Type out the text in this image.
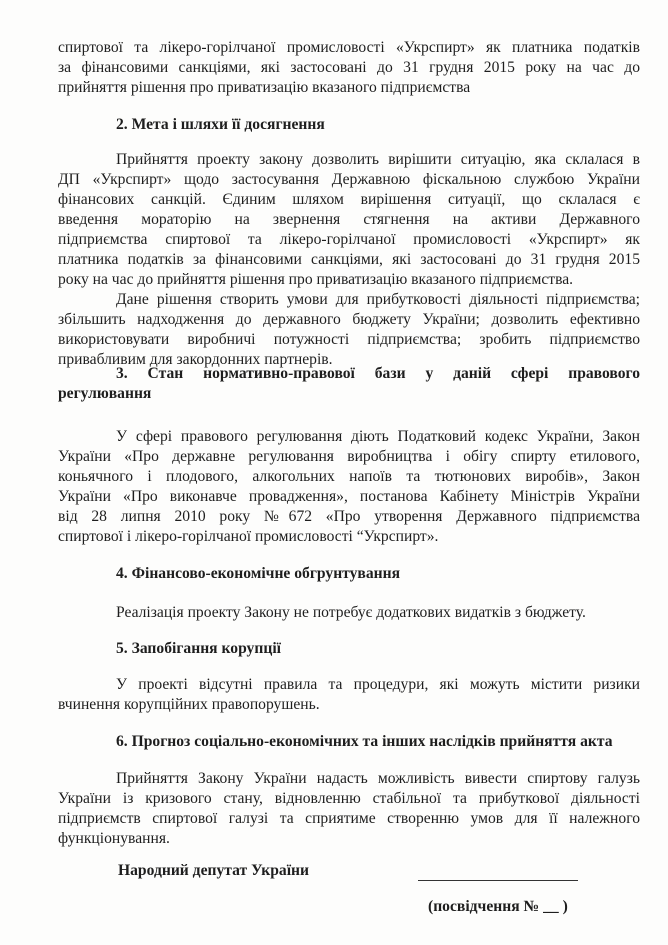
спиртової та лікеро-горілчаної промисловості «Укрспирт» як платника податків
за фінансовими санкціями, які застосовані до 31 грудня 2015 року на час до
прийняття рішення про приватизацію вказаного підприємства
2. Мета і шляхи її досягнення
Прийняття проекту закону дозволить вирішити ситуацію, яка склалася в
ДП «Укрспирт» щодо застосування Державною фіскальною службою України
фінансових санкцій. Єдиним шляхом вирішення ситуації, що склалася є
введення мораторію на звернення стягнення на активи Державного
підприємства спиртової та лікеро-горілчаної промисловості «Укрспирт» як
платника податків за фінансовими санкціями, які застосовані до 31 грудня 2015
року на час до прийняття рішення про приватизацію вказаного підприємства.
Дане рішення створить умови для прибутковості діяльності підприємства;
збільшить надходження до державного бюджету України; дозволить ефективно
використовувати виробничі потужності підприємства; зробить підприємство
привабливим для закордонних партнерів.
3. Стан нормативно-правової бази у даній сфері правового
регулювання
У сфері правового регулювання діють Податковий кодекс України, Закон
України «Про державне регулювання виробництва і обігу спирту етилового,
коньячного і плодового, алкогольних напоїв та тютюнових виробів», Закон
України «Про виконавче провадження», постанова Кабінету Міністрів України
від 28 липня 2010 року №672 «Про утворення Державного підприємства
спиртової і лікеро-горілчаної промисловості “Укрспирт».
4. Фінансово-економічне обгрунтування
Реалізація проекту Закону не потребує додаткових видатків з бюджету.
5. Запобігання корупції
У проекті відсутні правила та процедури, які можуть містити ризики
вчинення корупційних правопорушень.
6. Прогноз соціально-економічних та інших наслідків прийняття акта
Прийняття Закону України надасть можливість вивести спиртову галузь
України із кризового стану, відновленню стабільної та прибуткової діяльності
підприємств спиртової галузі та сприятиме створенню умов для її належного
функціонування.
Народний депутат України
(посвідчення № __ )
